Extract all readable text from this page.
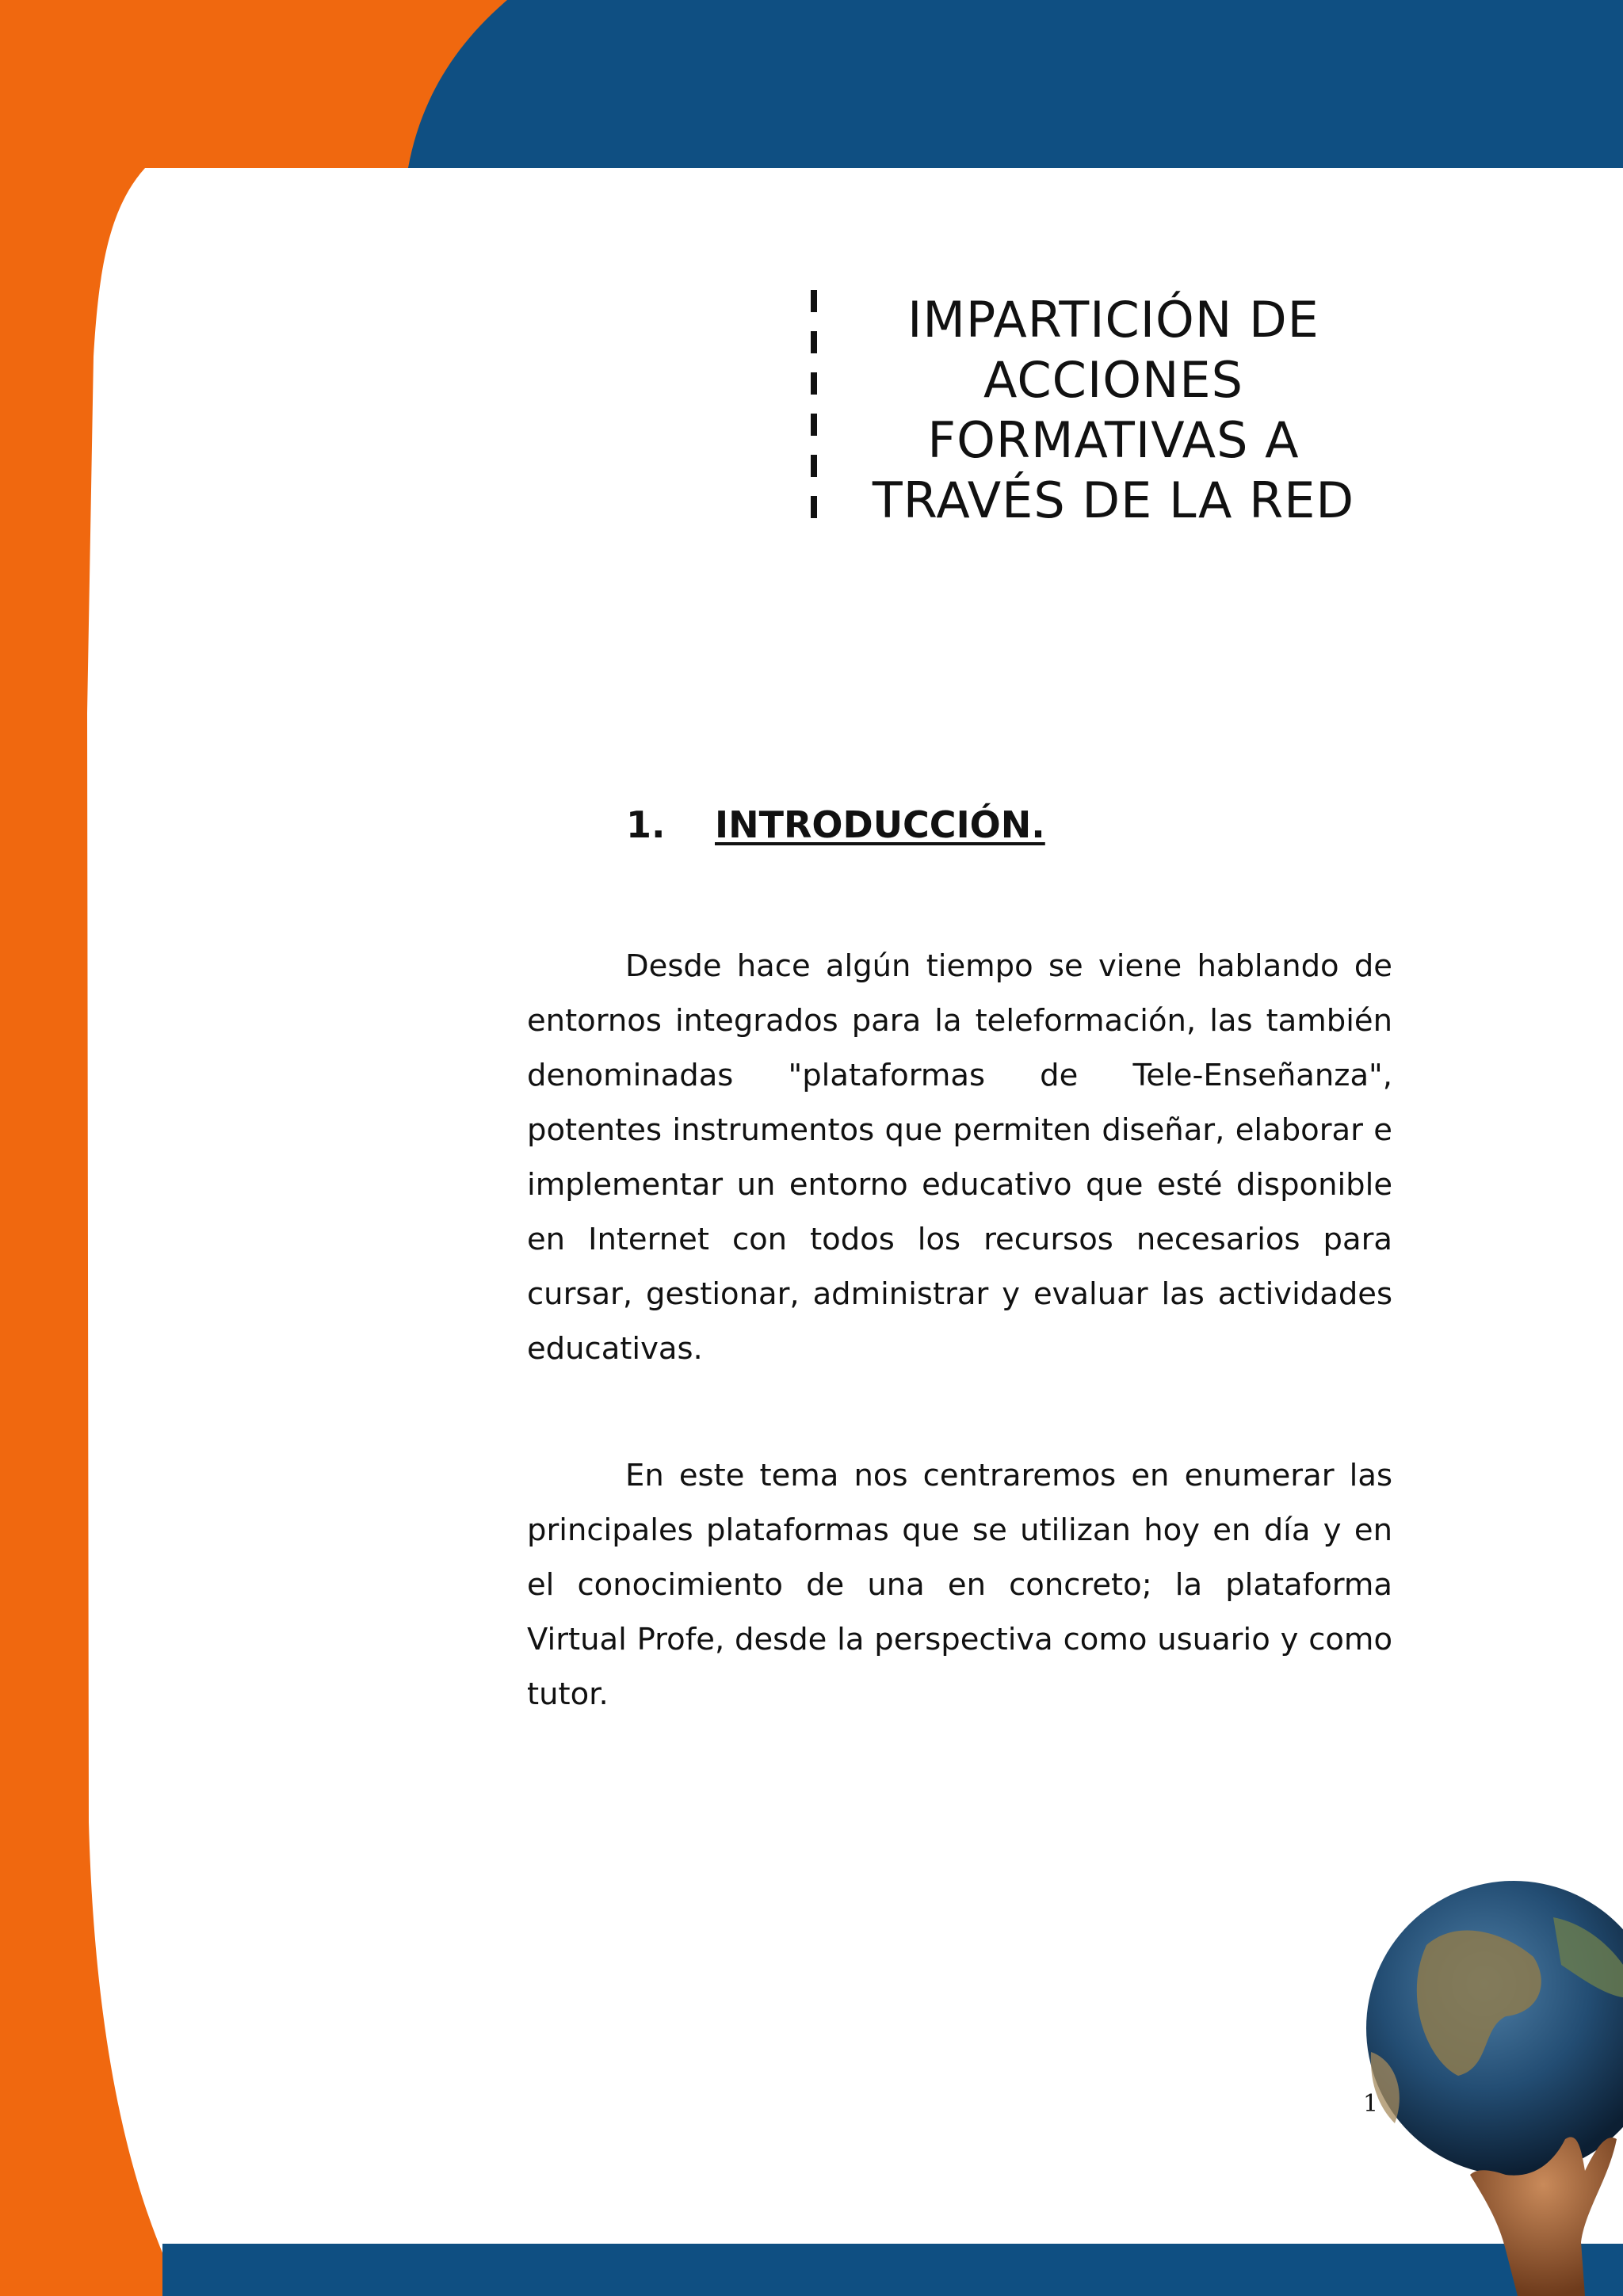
IMPARTICIÓN DE
ACCIONES
FORMATIVAS A
TRAVÉS DE LA RED
1. INTRODUCCIÓN.

Desde hace algún tiempo se viene hablando de entornos integrados para la teleformación, las también denominadas "plataformas de Tele-Enseñanza", potentes instrumentos que permiten diseñar, elaborar e implementar un entorno educativo que esté disponible en Internet con todos los recursos necesarios para cursar, gestionar, administrar y evaluar las actividades educativas.

En este tema nos centraremos en enumerar las principales plataformas que se utilizan hoy en día y en el conocimiento de una en concreto; la plataforma Virtual Profe, desde la perspectiva como usuario y como tutor.

1
